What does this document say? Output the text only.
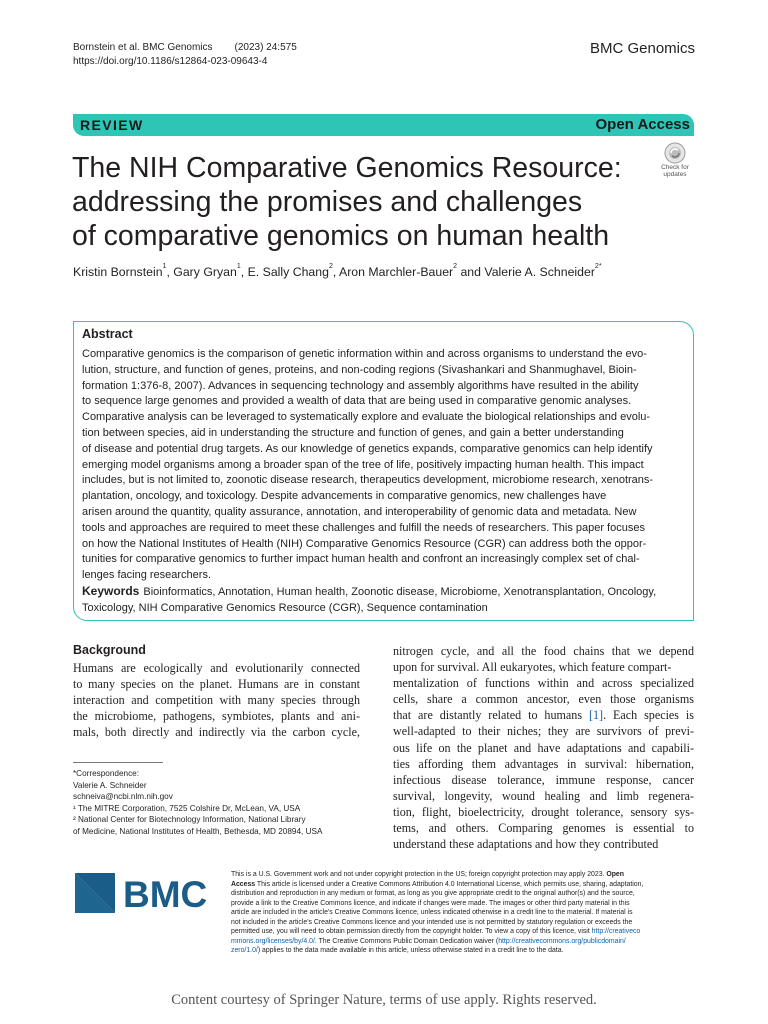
Bornstein et al. BMC Genomics (2023) 24:575
https://doi.org/10.1186/s12864-023-09643-4
BMC Genomics
REVIEW	Open Access
The NIH Comparative Genomics Resource:
addressing the promises and challenges
of comparative genomics on human health
Check for
updates
Kristin Bornstein$^1$, Gary Gryan$^1$, E. Sally Chang$^2$, Aron Marchler-Bauer$^2$ and Valerie A. Schneider$^{2*}$
Abstract
Comparative genomics is the comparison of genetic information within and across organisms to understand the evo-
lution, structure, and function of genes, proteins, and non-coding regions (Sivashankari and Shanmughavel, Bioin-
formation 1:376-8, 2007). Advances in sequencing technology and assembly algorithms have resulted in the ability
to sequence large genomes and provided a wealth of data that are being used in comparative genomic analyses.
Comparative analysis can be leveraged to systematically explore and evaluate the biological relationships and evolu-
tion between species, aid in understanding the structure and function of genes, and gain a better understanding
of disease and potential drug targets. As our knowledge of genetics expands, comparative genomics can help identify
emerging model organisms among a broader span of the tree of life, positively impacting human health. This impact
includes, but is not limited to, zoonotic disease research, therapeutics development, microbiome research, xenotrans-
plantation, oncology, and toxicology. Despite advancements in comparative genomics, new challenges have
arisen around the quantity, quality assurance, annotation, and interoperability of genomic data and metadata. New
tools and approaches are required to meet these challenges and fulfill the needs of researchers. This paper focuses
on how the National Institutes of Health (NIH) Comparative Genomics Resource (CGR) can address both the oppor-
tunities for comparative genomics to further impact human health and confront an increasingly complex set of chal-
lenges facing researchers.
Keywords Bioinformatics, Annotation, Human health, Zoonotic disease, Microbiome, Xenotransplantation, Oncology,
Toxicology, NIH Comparative Genomics Resource (CGR), Sequence contamination
Background
Humans are ecologically and evolutionarily connected
to many species on the planet. Humans are in constant
interaction and competition with many species through
the microbiome, pathogens, symbiotes, plants and ani-
mals, both directly and indirectly via the carbon cycle,
nitrogen cycle, and all the food chains that we depend
upon for survival. All eukaryotes, which feature compart-
mentalization of functions within and across specialized
cells, share a common ancestor, even those organisms
that are distantly related to humans [1]. Each species is
well-adapted to their niches; they are survivors of previ-
ous life on the planet and have adaptations and capabili-
ties affording them advantages in survival: hibernation,
infectious disease tolerance, immune response, cancer
survival, longevity, wound healing and limb regenera-
tion, flight, bioelectricity, drought tolerance, sensory sys-
tems, and others. Comparing genomes is essential to
understand these adaptations and how they contributed
*Correspondence:
Valerie A. Schneider
schneiva@ncbi.nlm.nih.gov
¹ The MITRE Corporation, 7525 Colshire Dr, McLean, VA, USA
² National Center for Biotechnology Information, National Library
of Medicine, National Institutes of Health, Bethesda, MD 20894, USA
BMC	This is a U.S. Government work and not under copyright protection in the US; foreign copyright protection may apply 2023. Open
Access This article is licensed under a Creative Commons Attribution 4.0 International License, which permits use, sharing, adaptation,
distribution and reproduction in any medium or format, as long as you give appropriate credit to the original author(s) and the source,
provide a link to the Creative Commons licence, and indicate if changes were made. The images or other third party material in this
article are included in the article's Creative Commons licence, unless indicated otherwise in a credit line to the material. If material is
not included in the article's Creative Commons licence and your intended use is not permitted by statutory regulation or exceeds the
permitted use, you will need to obtain permission directly from the copyright holder. To view a copy of this licence, visit http://creativeco
mmons.org/licenses/by/4.0/. The Creative Commons Public Domain Dedication waiver (http://creativecommons.org/publicdomain/
zero/1.0/) applies to the data made available in this article, unless otherwise stated in a credit line to the data.
Content courtesy of Springer Nature, terms of use apply. Rights reserved.
